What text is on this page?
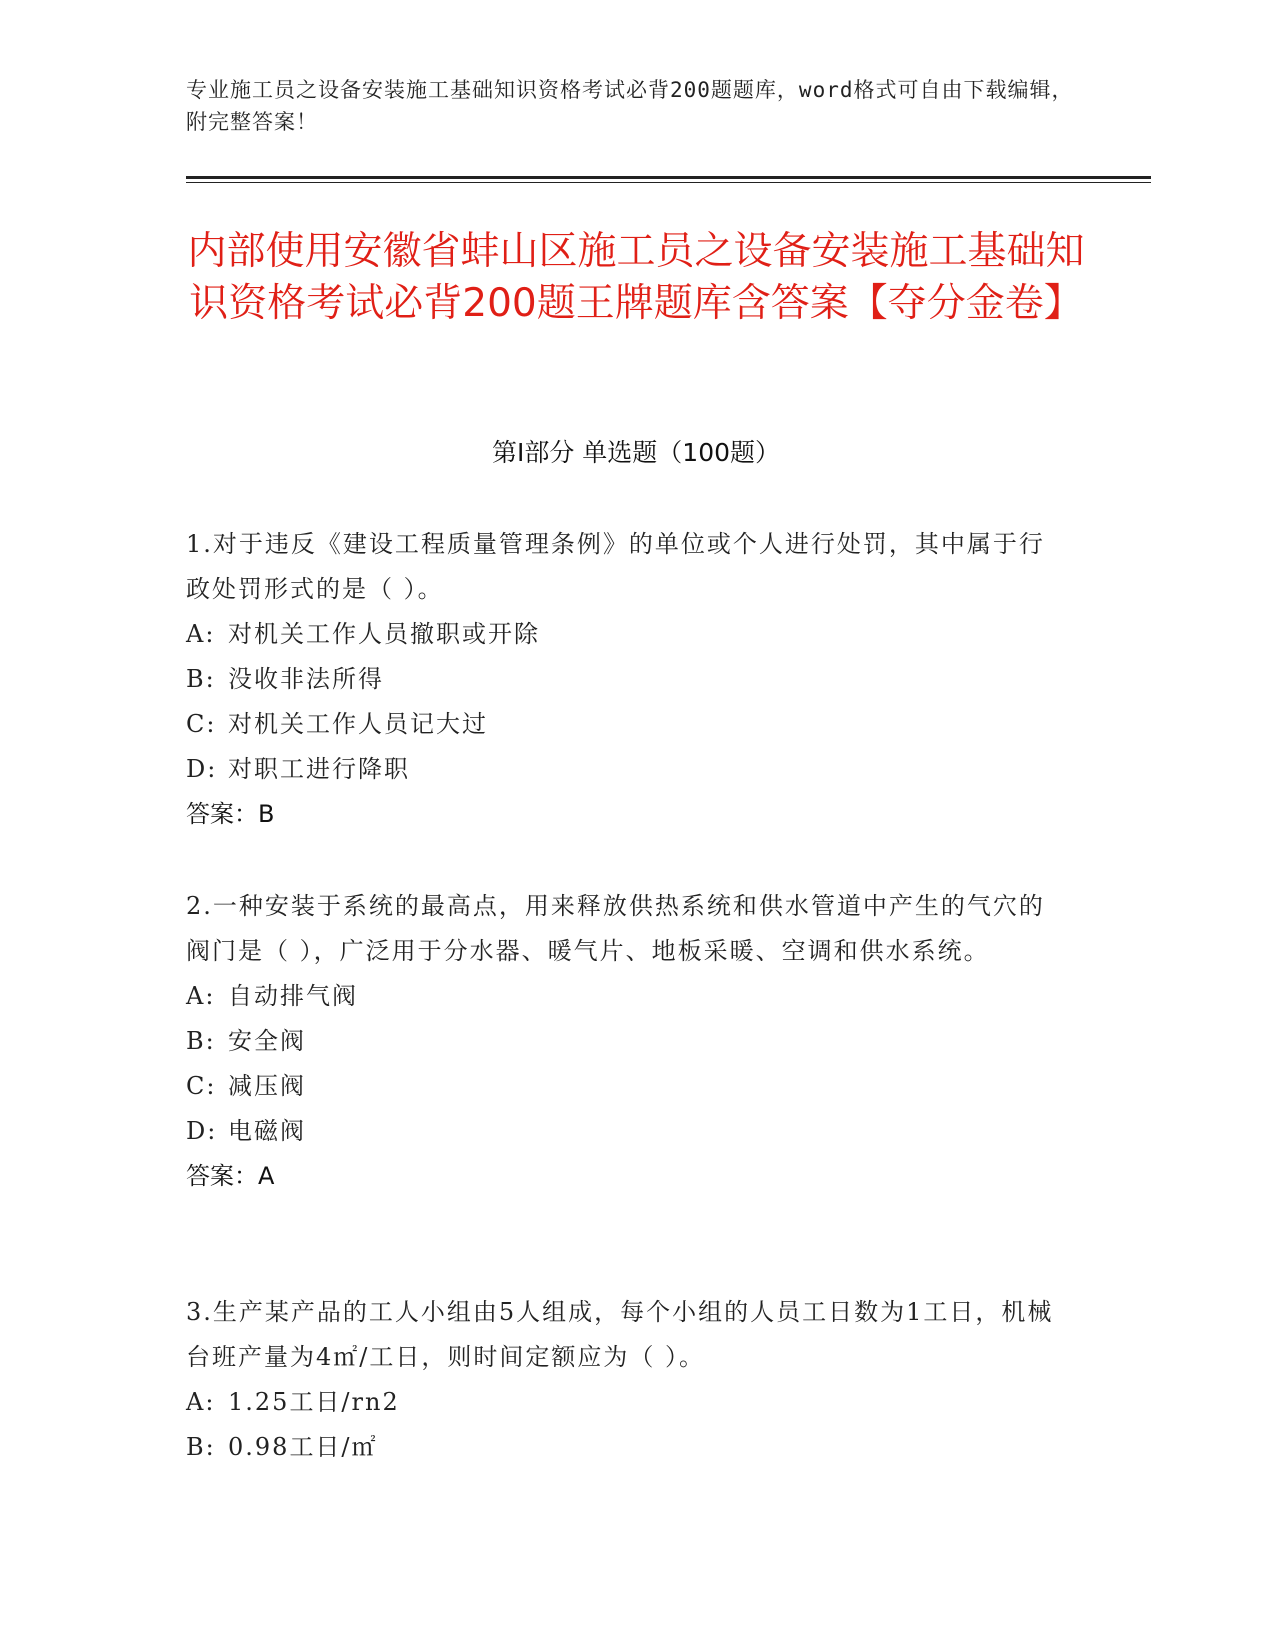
专业施工员之设备安装施工基础知识资格考试必背200题题库，word格式可自由下载编辑，附完整答案！
内部使用安徽省蚌山区施工员之设备安装施工基础知识资格考试必背200题王牌题库含答案【夺分金卷】
第Ⅰ部分 单选题（100题）
1.对于违反《建设工程质量管理条例》的单位或个人进行处罚，其中属于行政处罚形式的是（ ）。
A: 对机关工作人员撤职或开除
B: 没收非法所得
C: 对机关工作人员记大过
D: 对职工进行降职
答案：B
2.一种安装于系统的最高点，用来释放供热系统和供水管道中产生的气穴的阀门是（ ），广泛用于分水器、暖气片、地板采暖、空调和供水系统。
A: 自动排气阀
B: 安全阀
C: 减压阀
D: 电磁阀
答案：A
3.生产某产品的工人小组由5人组成，每个小组的人员工日数为1工日，机械台班产量为4㎡/工日，则时间定额应为（ ）。
A: 1.25工日/rn2
B: 0.98工日/㎡
